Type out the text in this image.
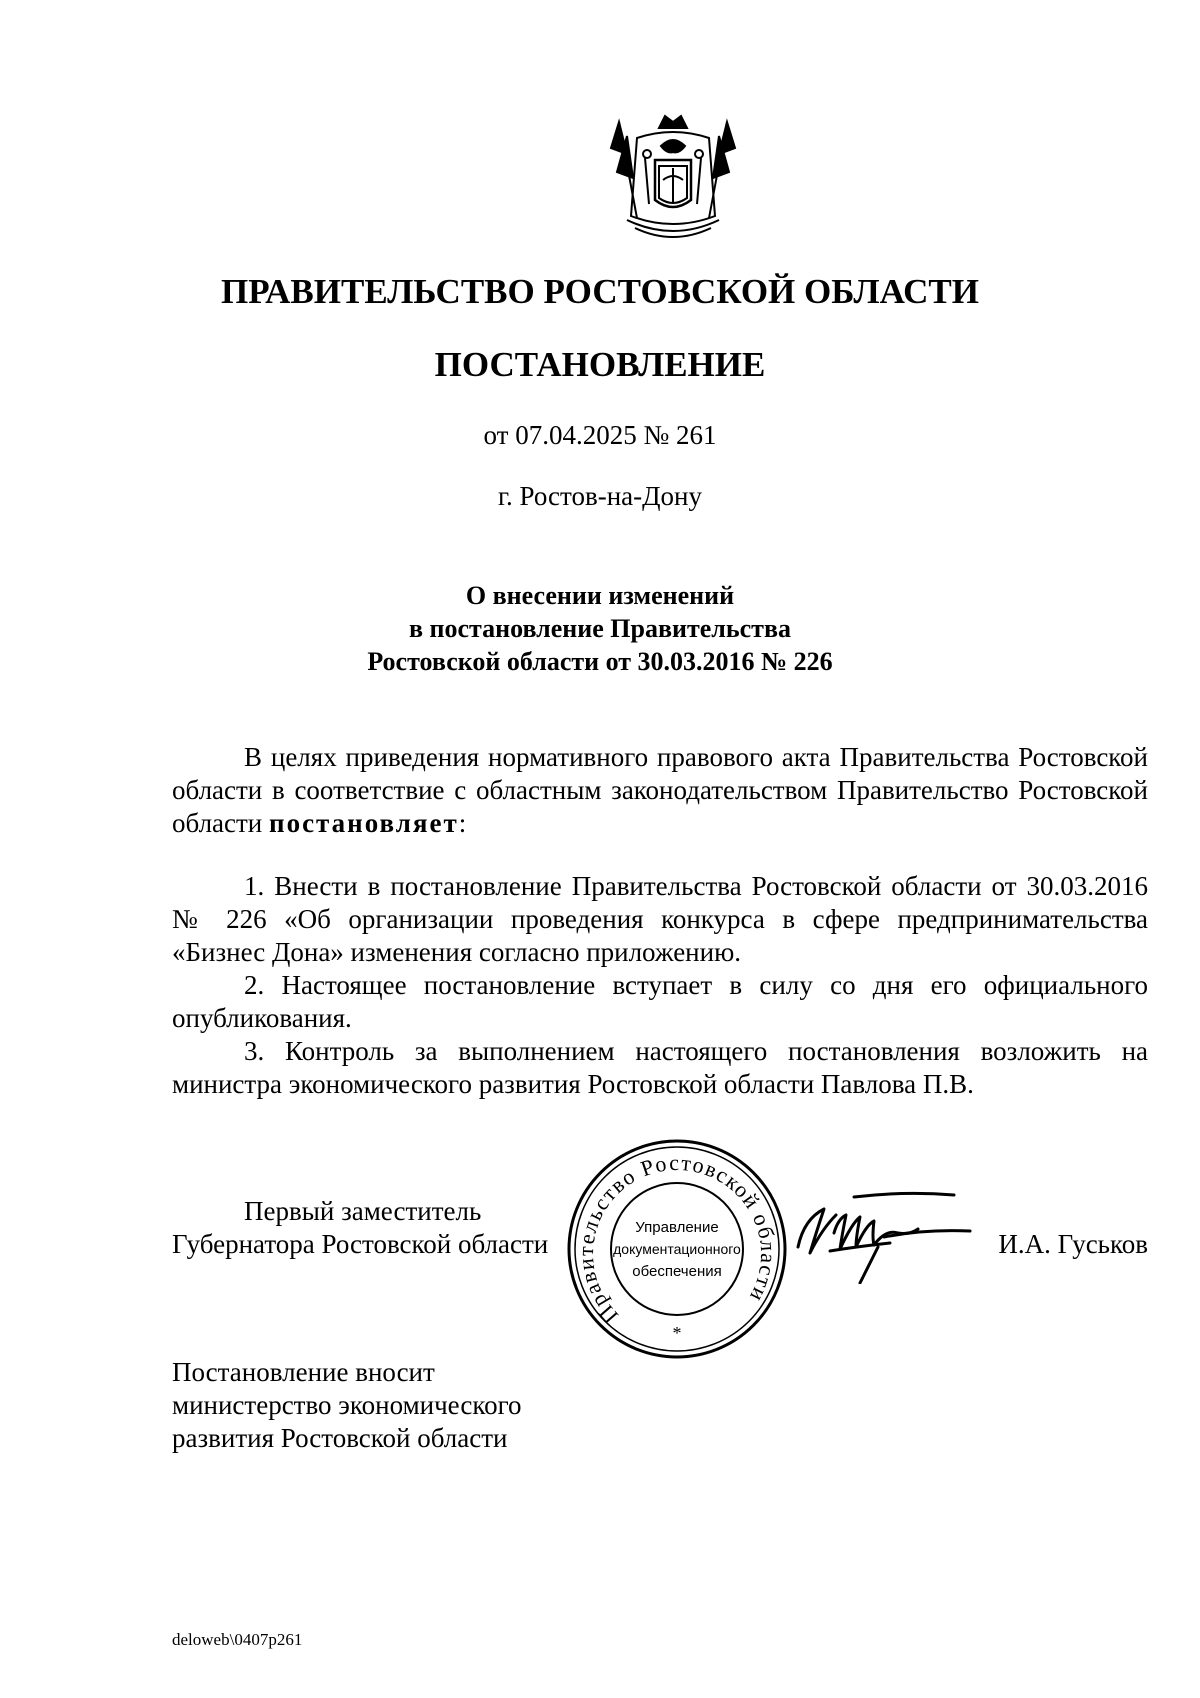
ПРАВИТЕЛЬСТВО РОСТОВСКОЙ ОБЛАСТИ
ПОСТАНОВЛЕНИЕ
от 07.04.2025 № 261
г. Ростов-на-Дону
О внесении изменений
в постановление Правительства
Ростовской области от 30.03.2016 № 226

В целях приведения нормативного правового акта Правительства Ростовской области в соответствие с областным законодательством Правительство Ростовской области постановляет:

1. Внести в постановление Правительства Ростовской области от 30.03.2016 № 226 «Об организации проведения конкурса в сфере предпринимательства «Бизнес Дона» изменения согласно приложению.

2. Настоящее постановление вступает в силу со дня его официального опубликования.

3. Контроль за выполнением настоящего постановления возложить на министра экономического развития Ростовской области Павлова П.В.

Первый заместитель
Губернатора Ростовской области
Правительство Ростовской области
Управление
документационного
обеспечения
*
И.А. Гуськов
Постановление вносит
министерство экономического
развития Ростовской области
deloweb\0407p261
